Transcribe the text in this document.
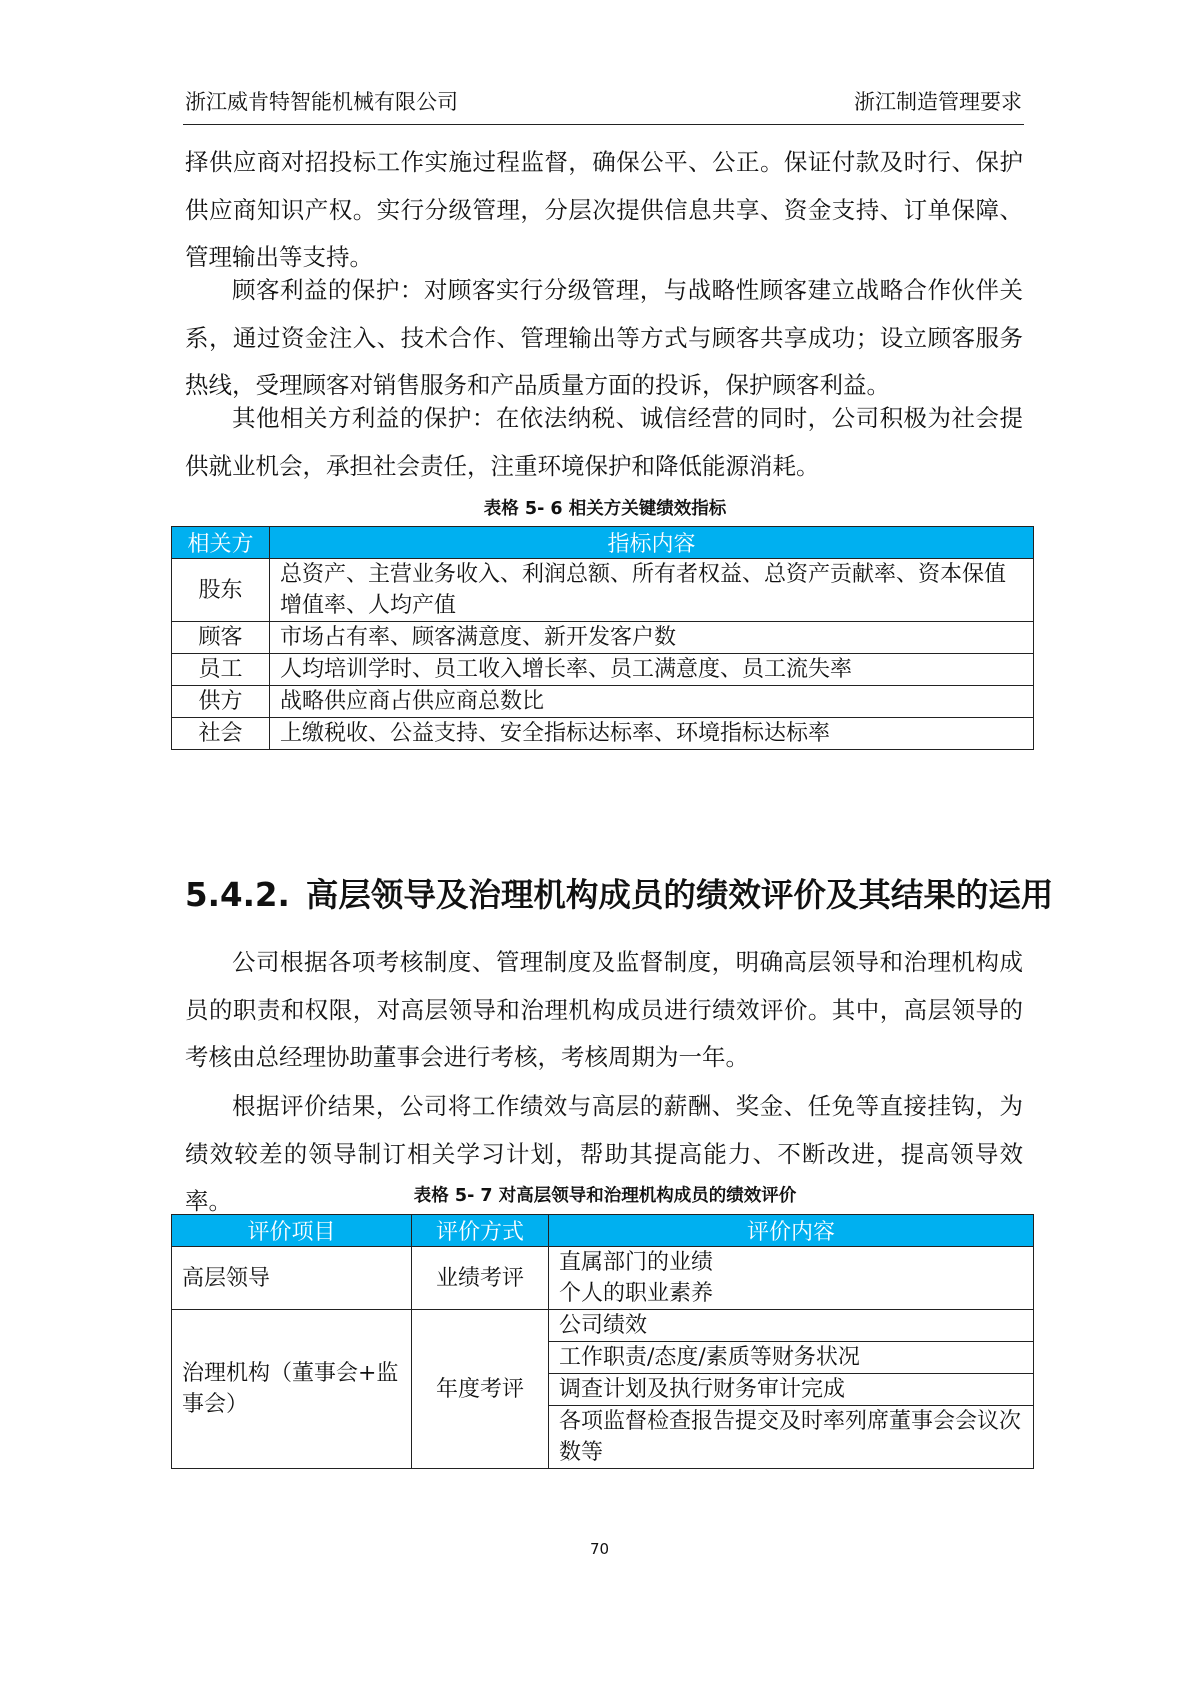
浙江威肯特智能机械有限公司	浙江制造管理要求

择供应商对招投标工作实施过程监督，确保公平、公正。保证付款及时行、保护供应商知识产权。实行分级管理，分层次提供信息共享、资金支持、订单保障、管理输出等支持。

顾客利益的保护：对顾客实行分级管理，与战略性顾客建立战略合作伙伴关系，通过资金注入、技术合作、管理输出等方式与顾客共享成功；设立顾客服务热线，受理顾客对销售服务和产品质量方面的投诉，保护顾客利益。

其他相关方利益的保护：在依法纳税、诚信经营的同时，公司积极为社会提供就业机会，承担社会责任，注重环境保护和降低能源消耗。

表格 5- 6 相关方关键绩效指标
相关方	指标内容
股东	总资产、主营业务收入、利润总额、所有者权益、总资产贡献率、资本保值增值率、人均产值
顾客	市场占有率、顾客满意度、新开发客户数
员工	人均培训学时、员工收入增长率、员工满意度、员工流失率
供方	战略供应商占供应商总数比
社会	上缴税收、公益支持、安全指标达标率、环境指标达标率
5.4.2. 高层领导及治理机构成员的绩效评价及其结果的运用

公司根据各项考核制度、管理制度及监督制度，明确高层领导和治理机构成员的职责和权限，对高层领导和治理机构成员进行绩效评价。其中，高层领导的考核由总经理协助董事会进行考核，考核周期为一年。

根据评价结果，公司将工作绩效与高层的薪酬、奖金、任免等直接挂钩，为绩效较差的领导制订相关学习计划，帮助其提高能力、不断改进，提高领导效率。	表格 5- 7 对高层领导和治理机构成员的绩效评价
评价项目	评价方式	评价内容
高层领导	业绩考评	直属部门的业绩
个人的职业素养

治理机构（董事会+监事会）	年度考评	公司绩效
工作职责/态度/素质等财务状况
调查计划及执行财务审计完成
各项监督检查报告提交及时率列席董事会会议次数等
70
